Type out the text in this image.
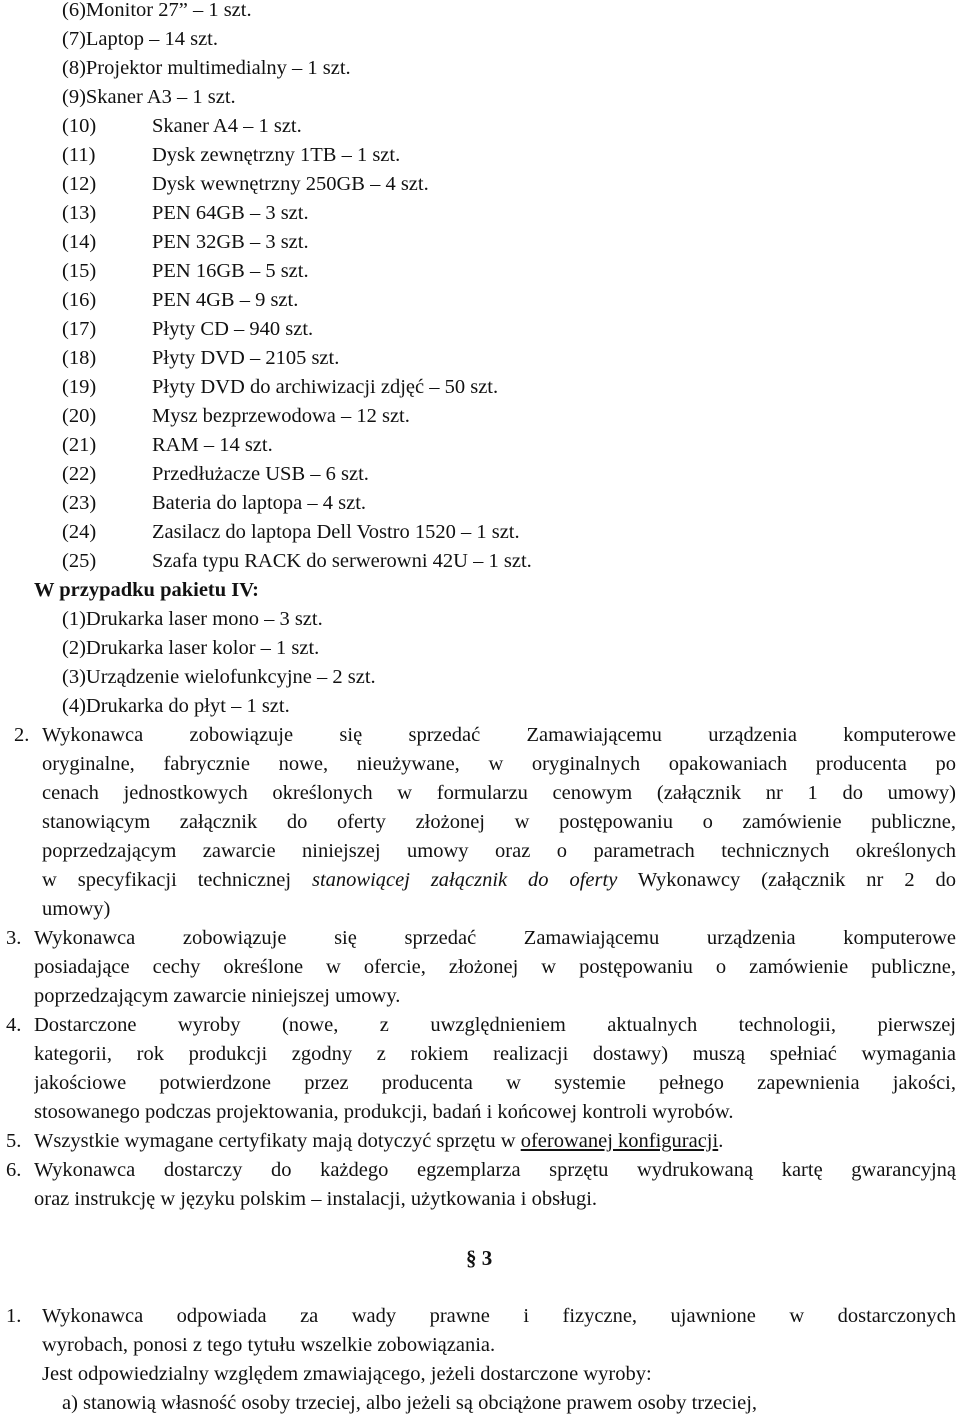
(6)Monitor 27” – 1 szt.
(7)Laptop – 14 szt.
(8)Projektor multimedialny – 1 szt.
(9)Skaner A3 – 1 szt.
(10)	Skaner A4 – 1 szt.
(11)	Dysk zewnętrzny 1TB – 1 szt.
(12)	Dysk wewnętrzny 250GB – 4 szt.
(13)	PEN 64GB – 3 szt.
(14)	PEN 32GB – 3 szt.
(15)	PEN 16GB – 5 szt.
(16)	PEN 4GB – 9 szt.
(17)	Płyty CD – 940 szt.
(18)	Płyty DVD – 2105 szt.
(19)	Płyty DVD do archiwizacji zdjęć – 50 szt.
(20)	Mysz bezprzewodowa – 12 szt.
(21)	RAM – 14 szt.
(22)	Przedłużacze USB – 6 szt.
(23)	Bateria do laptopa – 4 szt.
(24)	Zasilacz do laptopa Dell Vostro 1520 – 1 szt.
(25)	Szafa typu RACK do serwerowni 42U – 1 szt.
W przypadku pakietu IV:
(1)Drukarka laser mono – 3 szt.
(2)Drukarka laser kolor – 1 szt.
(3)Urządzenie wielofunkcyjne – 2 szt.
(4)Drukarka do płyt – 1 szt.
2. Wykonawca zobowiązuje się sprzedać Zamawiającemu urządzenia komputerowe
oryginalne, fabrycznie nowe, nieużywane, w oryginalnych opakowaniach producenta po
cenach jednostkowych określonych w formularzu cenowym (załącznik nr 1 do umowy)
stanowiącym załącznik do oferty złożonej w postępowaniu o zamówienie publiczne,
poprzedzającym zawarcie niniejszej umowy oraz o parametrach technicznych określonych
w specyfikacji technicznej stanowiącej załącznik do oferty Wykonawcy (załącznik nr 2 do
umowy)
3. Wykonawca zobowiązuje się sprzedać Zamawiającemu urządzenia komputerowe
posiadające cechy określone w ofercie, złożonej w postępowaniu o zamówienie publiczne,
poprzedzającym zawarcie niniejszej umowy.
4. Dostarczone wyroby (nowe, z uwzględnieniem aktualnych technologii, pierwszej
kategorii, rok produkcji zgodny z rokiem realizacji dostawy) muszą spełniać wymagania
jakościowe potwierdzone przez producenta w systemie pełnego zapewnienia jakości,
stosowanego podczas projektowania, produkcji, badań i końcowej kontroli wyrobów.
5. Wszystkie wymagane certyfikaty mają dotyczyć sprzętu w oferowanej konfiguracji.
6. Wykonawca dostarczy do każdego egzemplarza sprzętu wydrukowaną kartę gwarancyjną
oraz instrukcję w języku polskim – instalacji, użytkowania i obsługi.
§ 3
1. Wykonawca odpowiada za wady prawne i fizyczne, ujawnione w dostarczonych
wyrobach, ponosi z tego tytułu wszelkie zobowiązania.
Jest odpowiedzialny względem zmawiającego, jeżeli dostarczone wyroby:
a) stanowią własność osoby trzeciej, albo jeżeli są obciążone prawem osoby trzeciej,
